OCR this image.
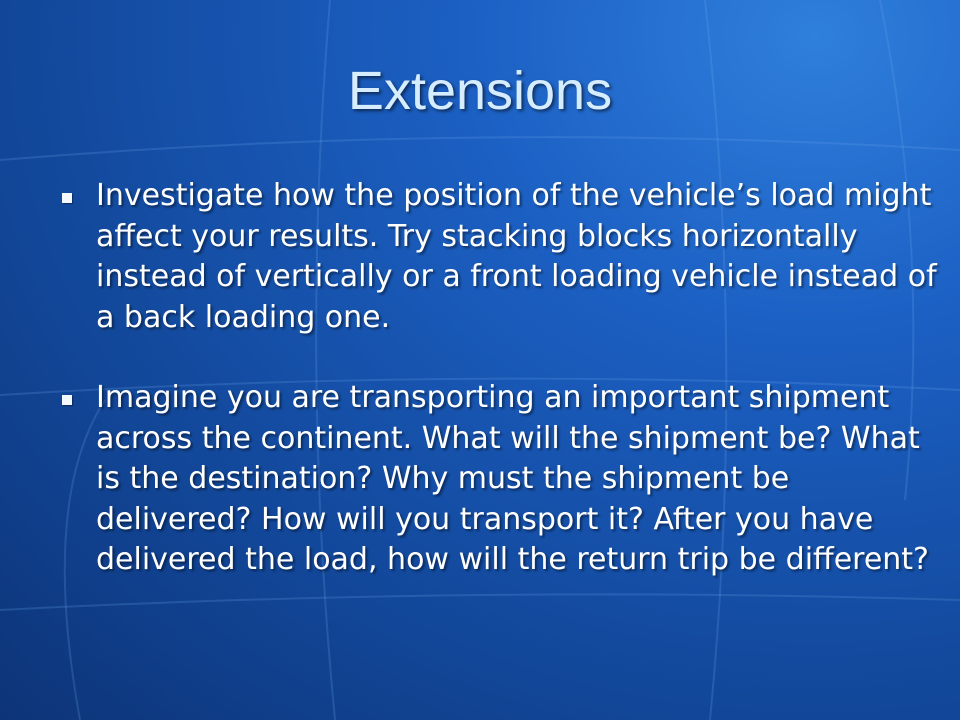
Extensions
Investigate how the position of the vehicle’s load might affect your results. Try stacking blocks horizontally instead of vertically or a front loading vehicle instead of a back loading one.
Imagine you are transporting an important shipment across the continent. What will the shipment be? What is the destination? Why must the shipment be delivered? How will you transport it? After you have delivered the load, how will the return trip be different?
